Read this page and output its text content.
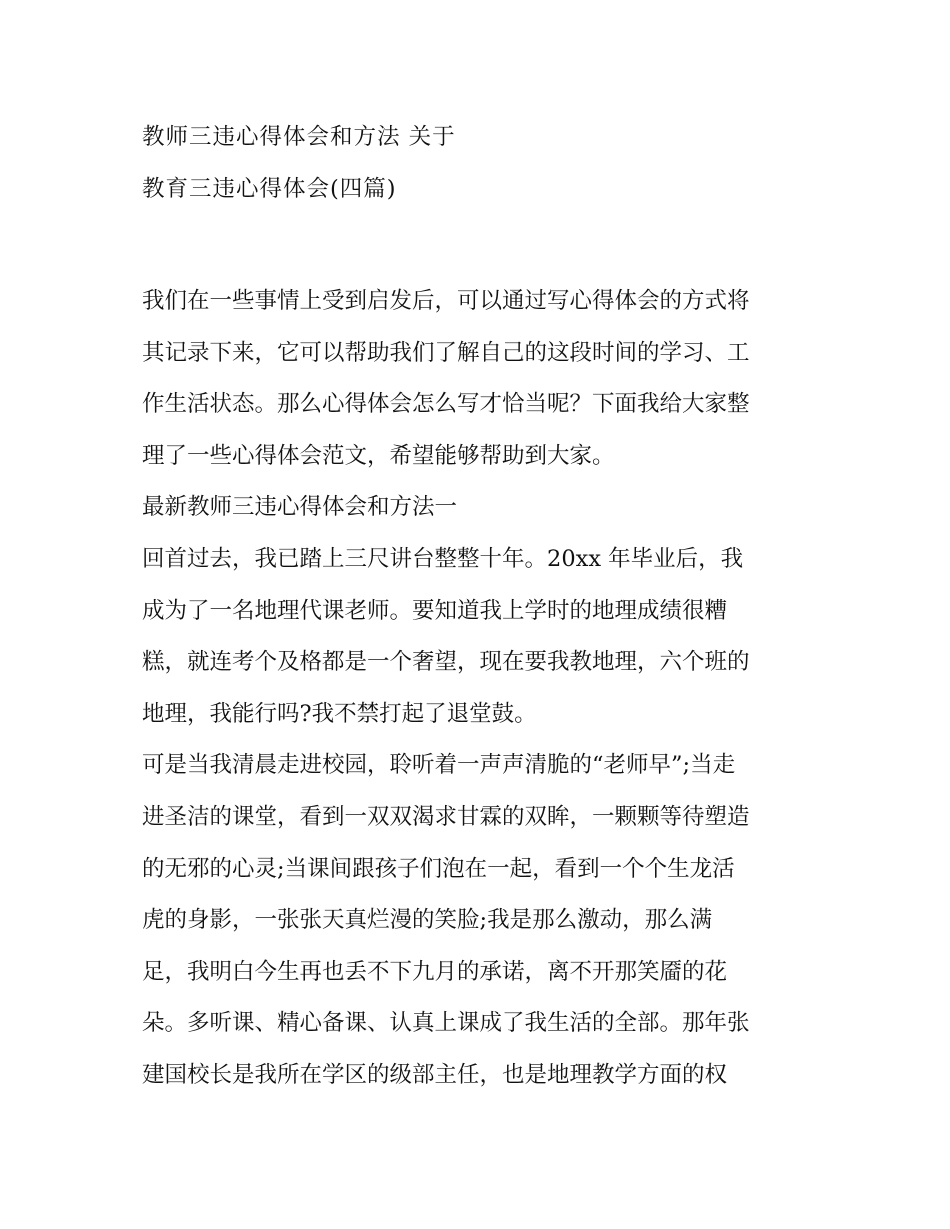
教师三违心得体会和方法 关于
教育三违心得体会(四篇)
我们在一些事情上受到启发后，可以通过写心得体会的方式将
其记录下来，它可以帮助我们了解自己的这段时间的学习、工
作生活状态。那么心得体会怎么写才恰当呢？下面我给大家整
理了一些心得体会范文，希望能够帮助到大家。
最新教师三违心得体会和方法一
回首过去，我已踏上三尺讲台整整十年。20xx 年毕业后，我
成为了一名地理代课老师。要知道我上学时的地理成绩很糟
糕，就连考个及格都是一个奢望，现在要我教地理，六个班的
地理，我能行吗?我不禁打起了退堂鼓。
可是当我清晨走进校园，聆听着一声声清脆的“老师早”;当走
进圣洁的课堂，看到一双双渴求甘霖的双眸，一颗颗等待塑造
的无邪的心灵;当课间跟孩子们泡在一起，看到一个个生龙活
虎的身影，一张张天真烂漫的笑脸;我是那么激动，那么满
足，我明白今生再也丢不下九月的承诺，离不开那笑靥的花
朵。多听课、精心备课、认真上课成了我生活的全部。那年张
建国校长是我所在学区的级部主任，也是地理教学方面的权
